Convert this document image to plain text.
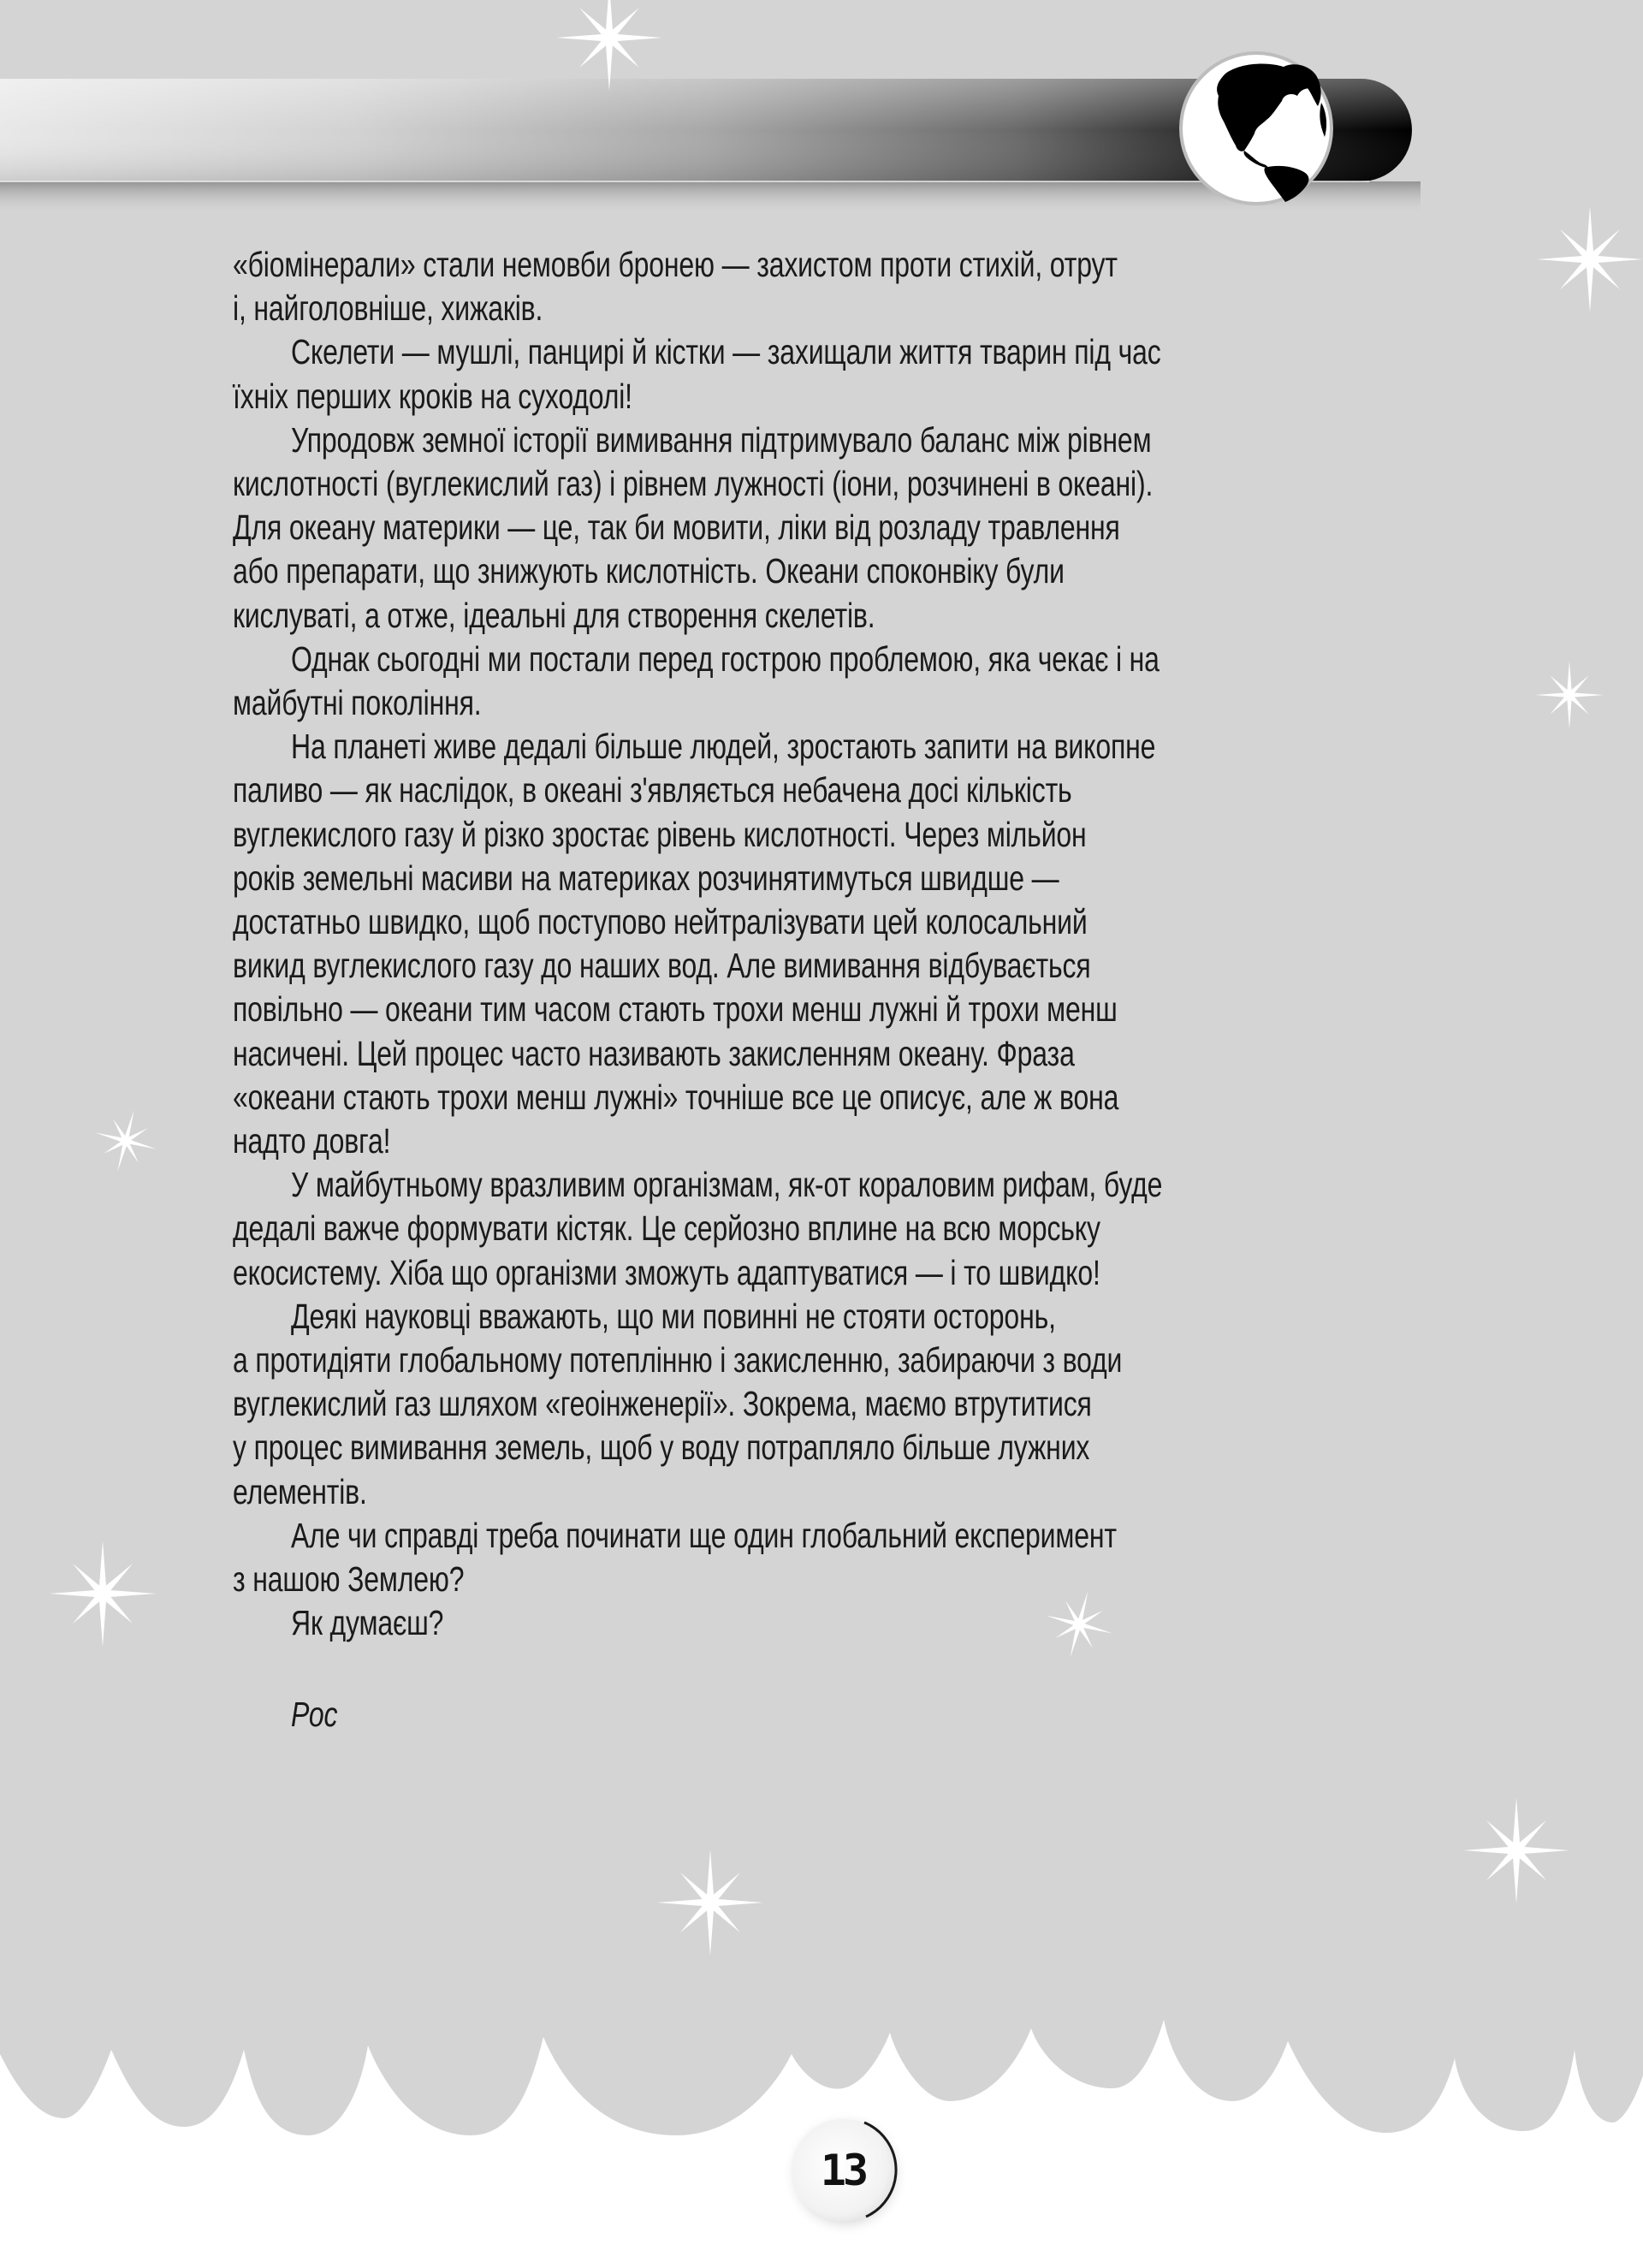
«біомінерали» стали немовби бронею — захистом проти стихій, отрут
і, найголовніше, хижаків.
Скелети — мушлі, панцирі й кістки — захищали життя тварин під час
їхніх перших кроків на суходолі!
Упродовж земної історії вимивання підтримувало баланс між рівнем
кислотності (вуглекислий газ) і рівнем лужності (іони, розчинені в океані).
Для океану материки — це, так би мовити, ліки від розладу травлення
або препарати, що знижують кислотність. Океани споконвіку були
кислуваті, а отже, ідеальні для створення скелетів.
Однак сьогодні ми постали перед гострою проблемою, яка чекає і на
майбутні покоління.
На планеті живе дедалі більше людей, зростають запити на викопне
паливо — як наслідок, в океані з'являється небачена досі кількість
вуглекислого газу й різко зростає рівень кислотності. Через мільйон
років земельні масиви на материках розчинятимуться швидше —
достатньо швидко, щоб поступово нейтралізувати цей колосальний
викид вуглекислого газу до наших вод. Але вимивання відбувається
повільно — океани тим часом стають трохи менш лужні й трохи менш
насичені. Цей процес часто називають закисленням океану. Фраза
«океани стають трохи менш лужні» точніше все це описує, але ж вона
надто довга!
У майбутньому вразливим організмам, як-от кораловим рифам, буде
дедалі важче формувати кістяк. Це серйозно вплине на всю морську
екосистему. Хіба що організми зможуть адаптуватися — і то швидко!
Деякі науковці вважають, що ми повинні не стояти осторонь,
а протидіяти глобальному потеплінню і закисленню, забираючи з води
вуглекислий газ шляхом «геоінженерії». Зокрема, маємо втрутитися
у процес вимивання земель, щоб у воду потрапляло більше лужних
елементів.
Але чи справді треба починати ще один глобальний експеримент
з нашою Землею?
Як думаєш?
Рос
13
